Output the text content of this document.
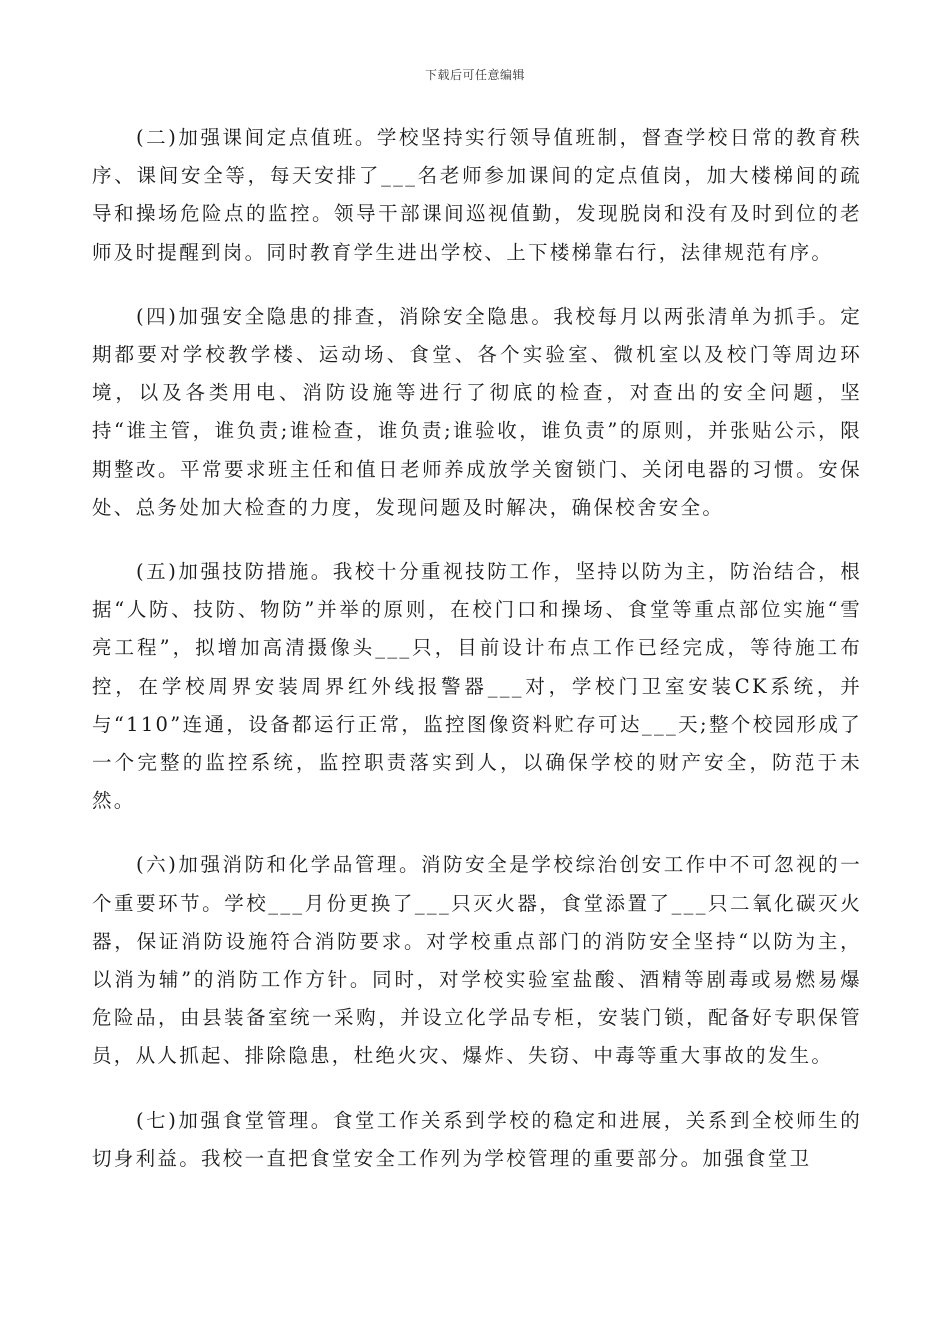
下载后可任意编辑

(二)加强课间定点值班。学校坚持实行领导值班制，督查学校日常的教育秩序、课间安全等，每天安排了___名老师参加课间的定点值岗，加大楼梯间的疏导和操场危险点的监控。领导干部课间巡视值勤，发现脱岗和没有及时到位的老师及时提醒到岗。同时教育学生进出学校、上下楼梯靠右行，法律规范有序。

(四)加强安全隐患的排查，消除安全隐患。我校每月以两张清单为抓手。定期都要对学校教学楼、运动场、食堂、各个实验室、微机室以及校门等周边环境，以及各类用电、消防设施等进行了彻底的检查，对查出的安全问题，坚持“谁主管，谁负责;谁检查，谁负责;谁验收，谁负责”的原则，并张贴公示，限期整改。平常要求班主任和值日老师养成放学关窗锁门、关闭电器的习惯。安保处、总务处加大检查的力度，发现问题及时解决，确保校舍安全。

(五)加强技防措施。我校十分重视技防工作，坚持以防为主，防治结合，根据“人防、技防、物防”并举的原则，在校门口和操场、食堂等重点部位实施“雪亮工程”，拟增加高清摄像头___只，目前设计布点工作已经完成，等待施工布控，在学校周界安装周界红外线报警器___对，学校门卫室安装CK系统，并与“110”连通，设备都运行正常，监控图像资料贮存可达___天;整个校园形成了一个完整的监控系统，监控职责落实到人，以确保学校的财产安全，防范于未然。

(六)加强消防和化学品管理。消防安全是学校综治创安工作中不可忽视的一个重要环节。学校___月份更换了___只灭火器，食堂添置了___只二氧化碳灭火器，保证消防设施符合消防要求。对学校重点部门的消防安全坚持“以防为主，以消为辅”的消防工作方针。同时，对学校实验室盐酸、酒精等剧毒或易燃易爆危险品，由县装备室统一采购，并设立化学品专柜，安装门锁，配备好专职保管员，从人抓起、排除隐患，杜绝火灾、爆炸、失窃、中毒等重大事故的发生。

(七)加强食堂管理。食堂工作关系到学校的稳定和进展，关系到全校师生的切身利益。我校一直把食堂安全工作列为学校管理的重要部分。加强食堂卫
